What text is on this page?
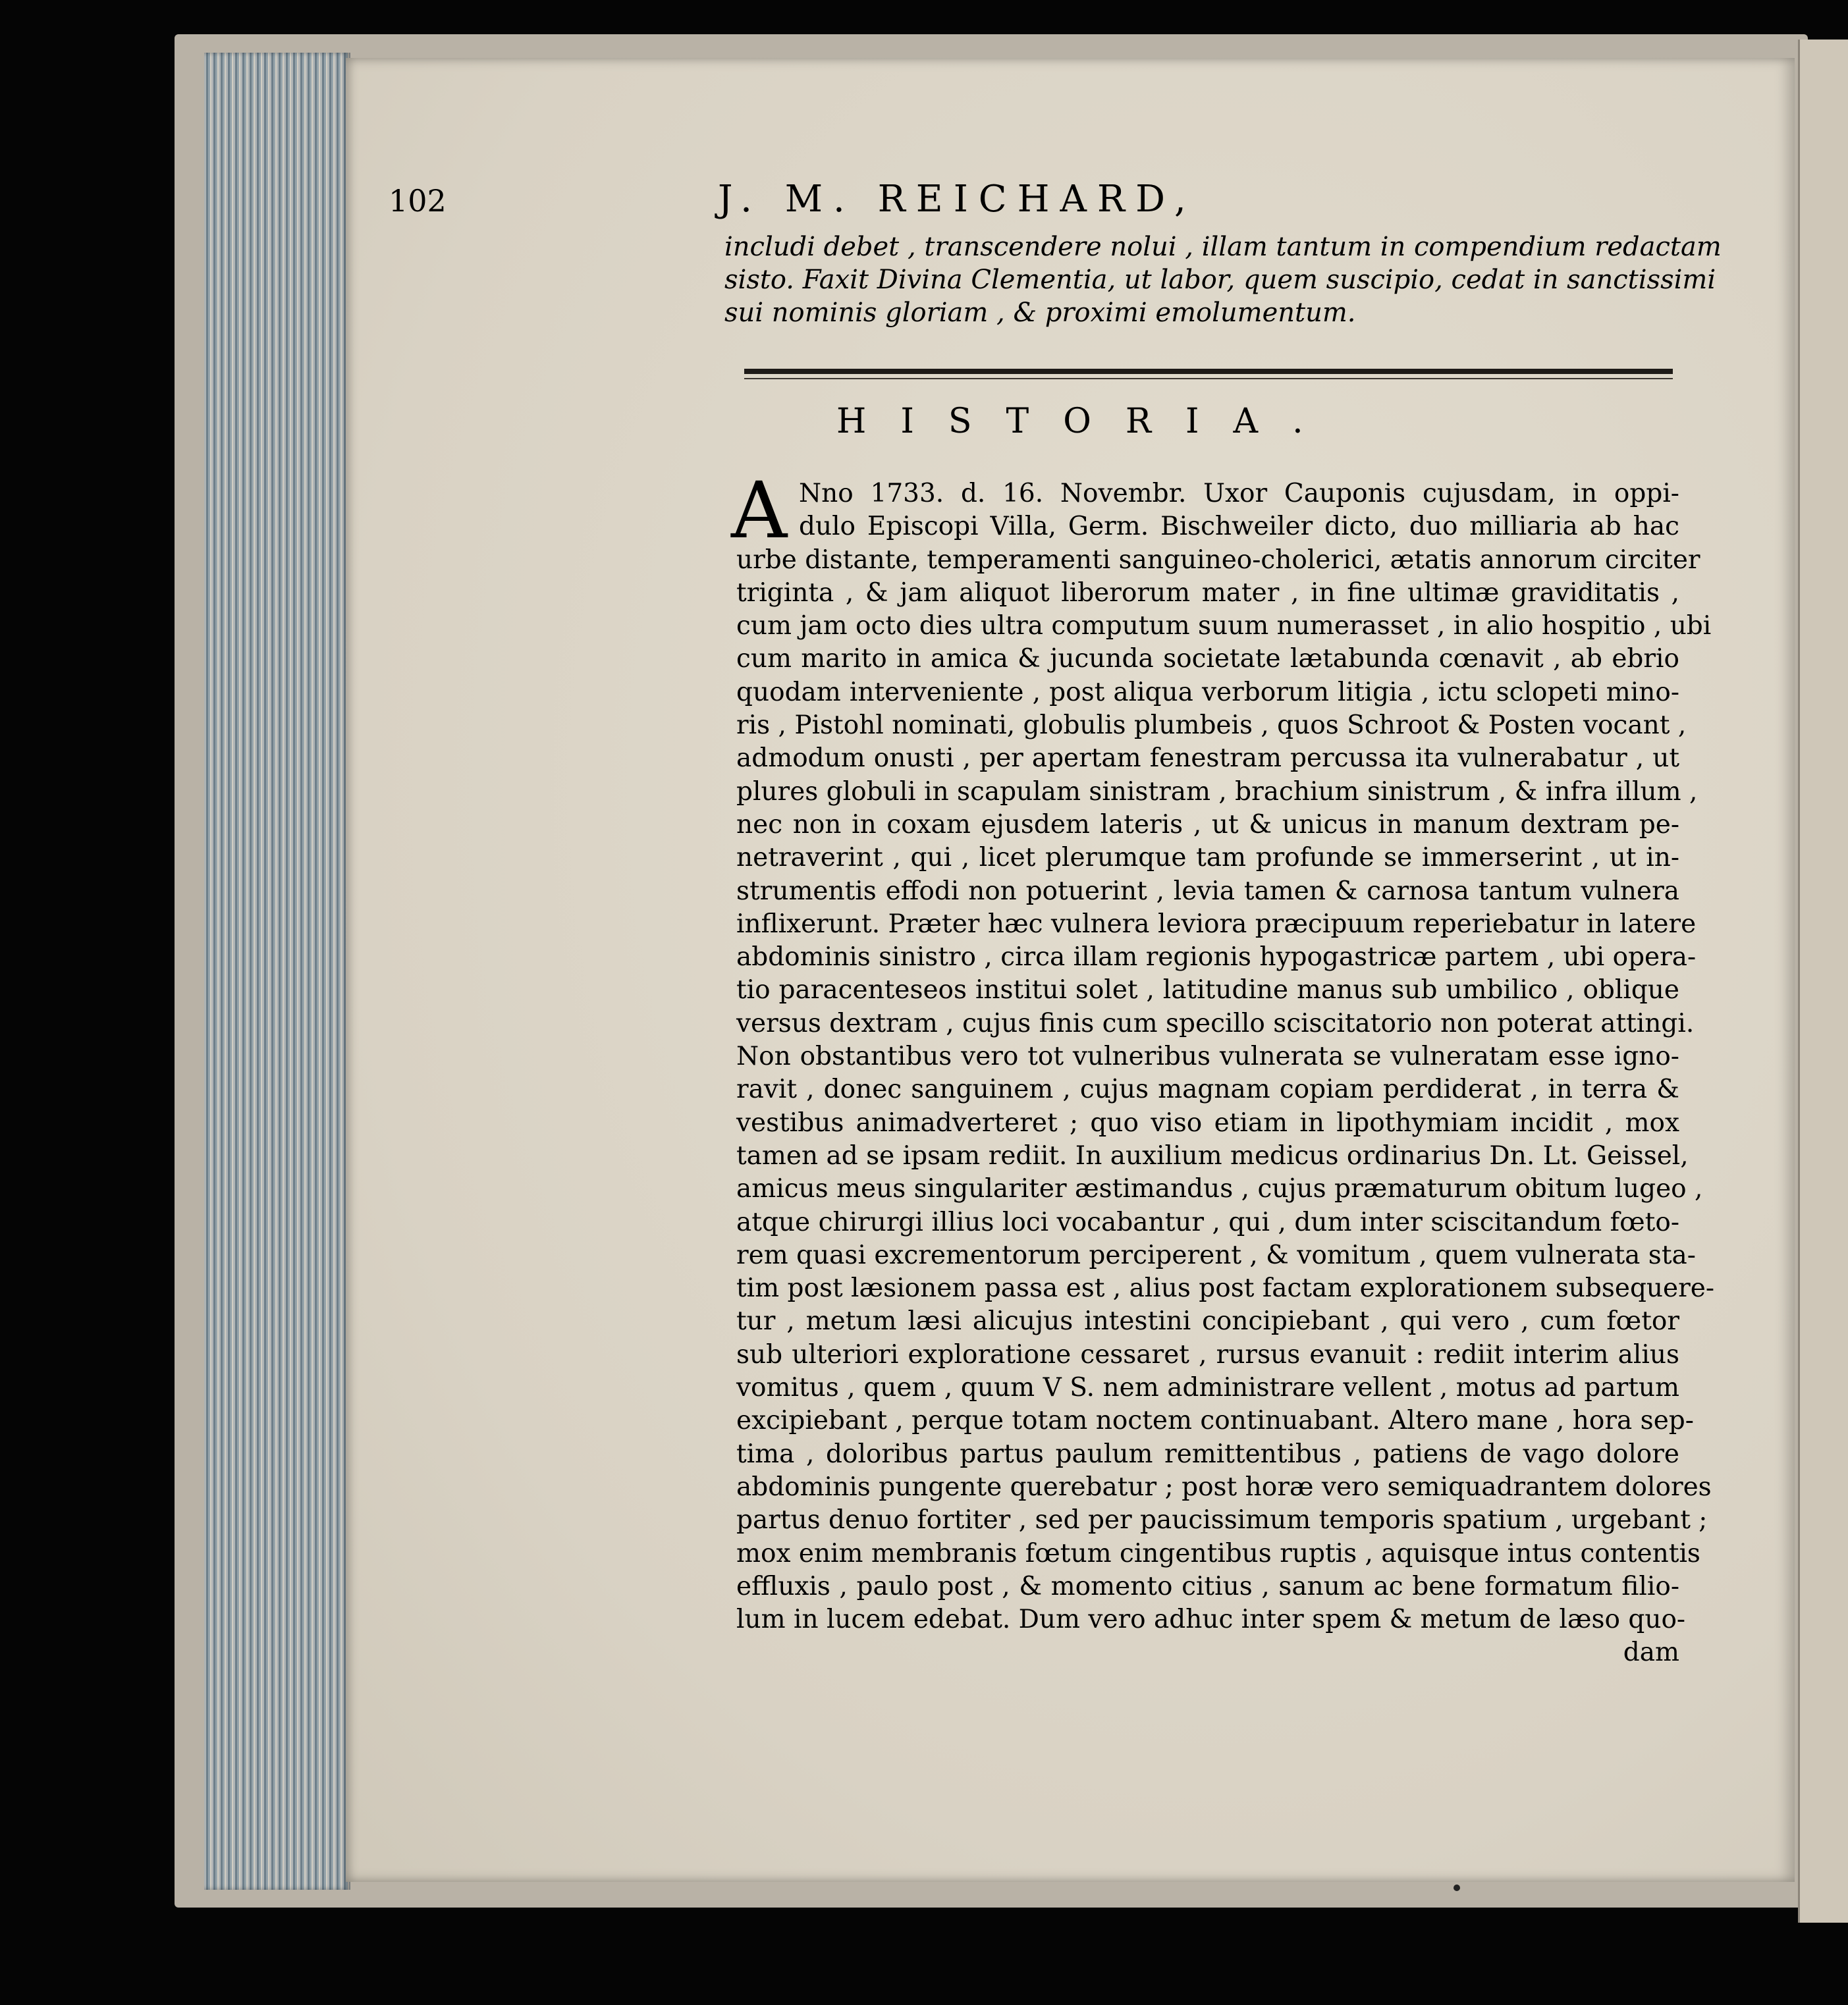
102	J. M. REICHARD,
includi debet , transcendere nolui , illam tantum in compendium redactam
sisto. Faxit Divina Clementia, ut labor, quem suscipio, cedat in sanctissimi
sui nominis gloriam , & proximi emolumentum.
HISTORIA.
A Nno 1733. d. 16. Novembr. Uxor Cauponis cujusdam, in oppi-
dulo Episcopi Villa, Germ. Bischweiler dicto, duo milliaria ab hac
urbe distante, temperamenti sanguineo-cholerici, ætatis annorum circiter
triginta , & jam aliquot liberorum mater , in fine ultimæ graviditatis ,
cum jam octo dies ultra computum suum numerasset , in alio hospitio , ubi
cum marito in amica & jucunda societate lætabunda cœnavit , ab ebrio
quodam interveniente , post aliqua verborum litigia , ictu sclopeti mino-
ris , Pistohl nominati, globulis plumbeis , quos Schroot & Posten vocant ,
admodum onusti , per apertam fenestram percussa ita vulnerabatur , ut
plures globuli in scapulam sinistram , brachium sinistrum , & infra illum ,
nec non in coxam ejusdem lateris , ut & unicus in manum dextram pe-
netraverint , qui , licet plerumque tam profunde se immerserint , ut in-
strumentis effodi non potuerint , levia tamen & carnosa tantum vulnera
inflixerunt. Præter hæc vulnera leviora præcipuum reperiebatur in latere
abdominis sinistro , circa illam regionis hypogastricæ partem , ubi opera-
tio paracenteseos institui solet , latitudine manus sub umbilico , oblique
versus dextram , cujus finis cum specillo sciscitatorio non poterat attingi.
Non obstantibus vero tot vulneribus vulnerata se vulneratam esse igno-
ravit , donec sanguinem , cujus magnam copiam perdiderat , in terra &
vestibus animadverteret ; quo viso etiam in lipothymiam incidit , mox
tamen ad se ipsam rediit. In auxilium medicus ordinarius Dn. Lt. Geissel,
amicus meus singulariter æstimandus , cujus præmaturum obitum lugeo ,
atque chirurgi illius loci vocabantur , qui , dum inter sciscitandum fœto-
rem quasi excrementorum perciperent , & vomitum , quem vulnerata sta-
tim post læsionem passa est , alius post factam explorationem subsequere-
tur , metum læsi alicujus intestini concipiebant , qui vero , cum fœtor
sub ulteriori exploratione cessaret , rursus evanuit : rediit interim alius
vomitus , quem , quum V S. nem administrare vellent , motus ad partum
excipiebant , perque totam noctem continuabant. Altero mane , hora sep-
tima , doloribus partus paulum remittentibus , patiens de vago dolore
abdominis pungente querebatur ; post horæ vero semiquadrantem dolores
partus denuo fortiter , sed per paucissimum temporis spatium , urgebant ;
mox enim membranis fœtum cingentibus ruptis , aquisque intus contentis
effluxis , paulo post , & momento citius , sanum ac bene formatum filio-
lum in lucem edebat. Dum vero adhuc inter spem & metum de læso quo-
dam
